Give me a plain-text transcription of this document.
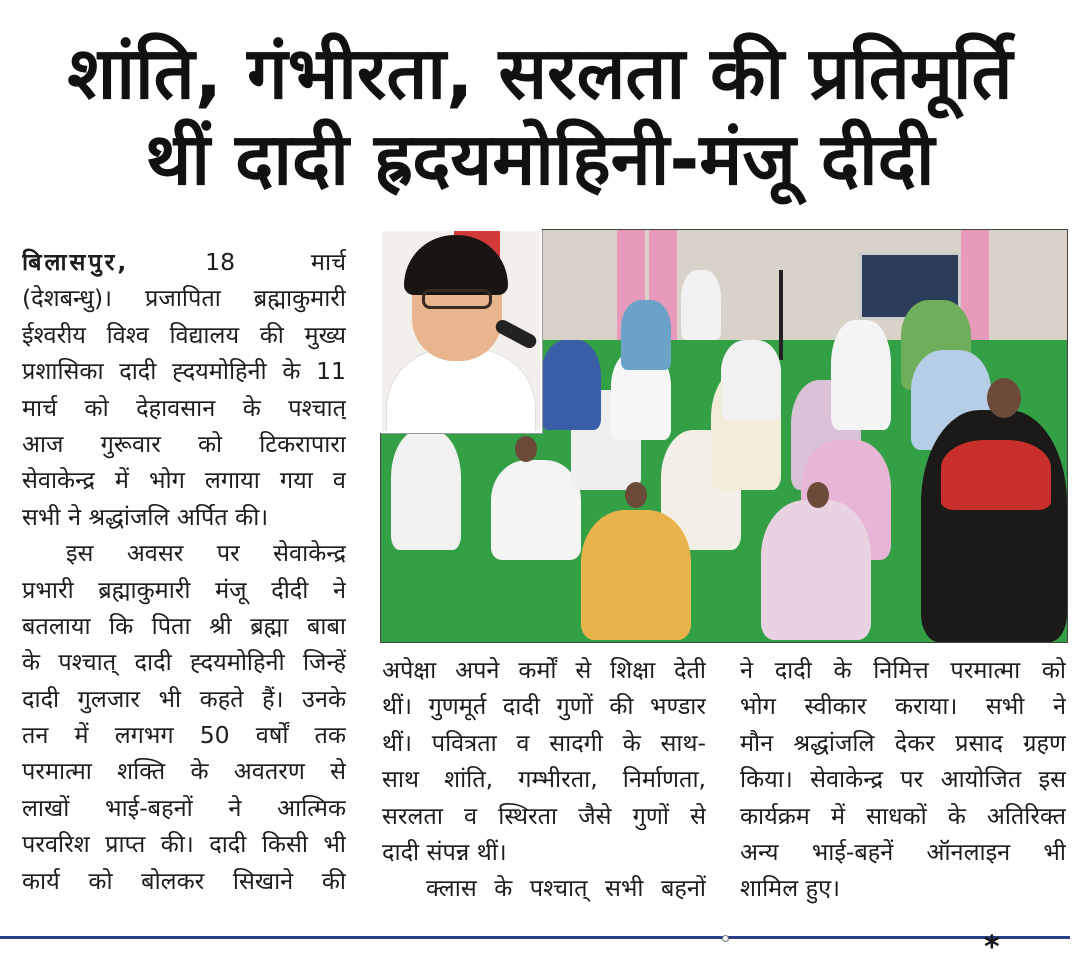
शांति, गंभीरता, सरलता की प्रतिमूर्ति
थीं दादी ह्रदयमोहिनी-मंजू दीदी
बिलासपुर,	18 मार्च
(देशबन्धु)। प्रजापिता ब्रह्माकुमारी
ईश्वरीय विश्व विद्यालय की मुख्य
प्रशासिका दादी ह्दयमोहिनी के 11
मार्च को देहावसान के पश्चात्
आज गुरूवार को टिकरापारा
सेवाकेन्द्र में भोग लगाया गया व
सभी ने श्रद्धांजलि अर्पित की।
इस अवसर पर सेवाकेन्द्र
प्रभारी ब्रह्माकुमारी मंजू दीदी ने
बतलाया कि पिता श्री ब्रह्मा बाबा
के पश्चात् दादी ह्दयमोहिनी जिन्हें
दादी गुलजार भी कहते हैं। उनके
तन में लगभग 50 वर्षों तक
परमात्मा शक्ति के अवतरण से
लाखों भाई-बहनों ने आत्मिक
परवरिश प्राप्त की। दादी किसी भी
कार्य को बोलकर सिखाने की
अपेक्षा अपने कर्मों से शिक्षा देती
थीं। गुणमूर्त दादी गुणों की भण्डार
थीं। पवित्रता व सादगी के साथ-
साथ शांति, गम्भीरता, निर्माणता,
सरलता व स्थिरता जैसे गुणों से
दादी संपन्न थीं।
क्लास के पश्चात् सभी बहनों
ने दादी के निमित्त परमात्मा को
भोग स्वीकार कराया। सभी ने
मौन श्रद्धांजलि देकर प्रसाद ग्रहण
किया। सेवाकेन्द्र पर आयोजित इस
कार्यक्रम में साधकों के अतिरिक्त
अन्य भाई-बहनें ऑनलाइन भी
शामिल हुए।
*
